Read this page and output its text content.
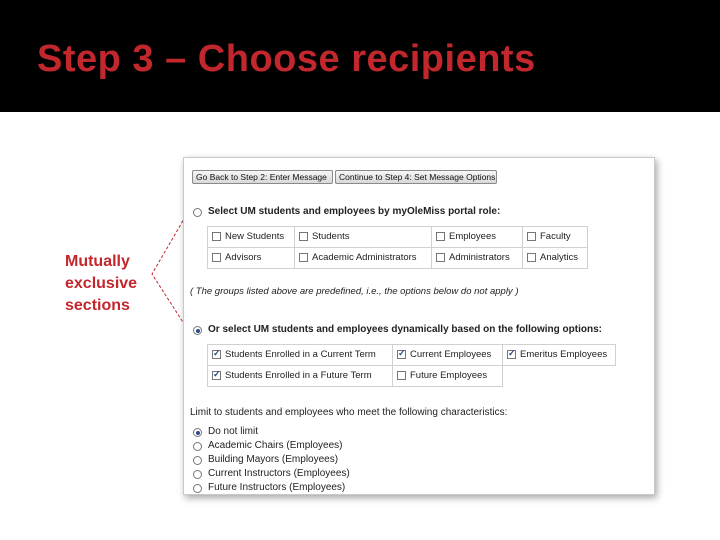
Step 3 – Choose recipients
Mutually exclusive sections
Go Back to Step 2: Enter Message	Continue to Step 4: Set Message Options
Select UM students and employees by myOleMiss portal role:
New Students	Students	Employees	Faculty
Advisors	Academic Administrators	Administrators	Analytics
( The groups listed above are predefined, i.e., the options below do not apply )
Or select UM students and employees dynamically based on the following options:
✓Students Enrolled in a Current Term	✓Current Employees	✓Emeritus Employees
✓Students Enrolled in a Future Term	Future Employees	
Limit to students and employees who meet the following characteristics:
Do not limit
Academic Chairs (Employees)
Building Mayors (Employees)
Current Instructors (Employees)
Future Instructors (Employees)
